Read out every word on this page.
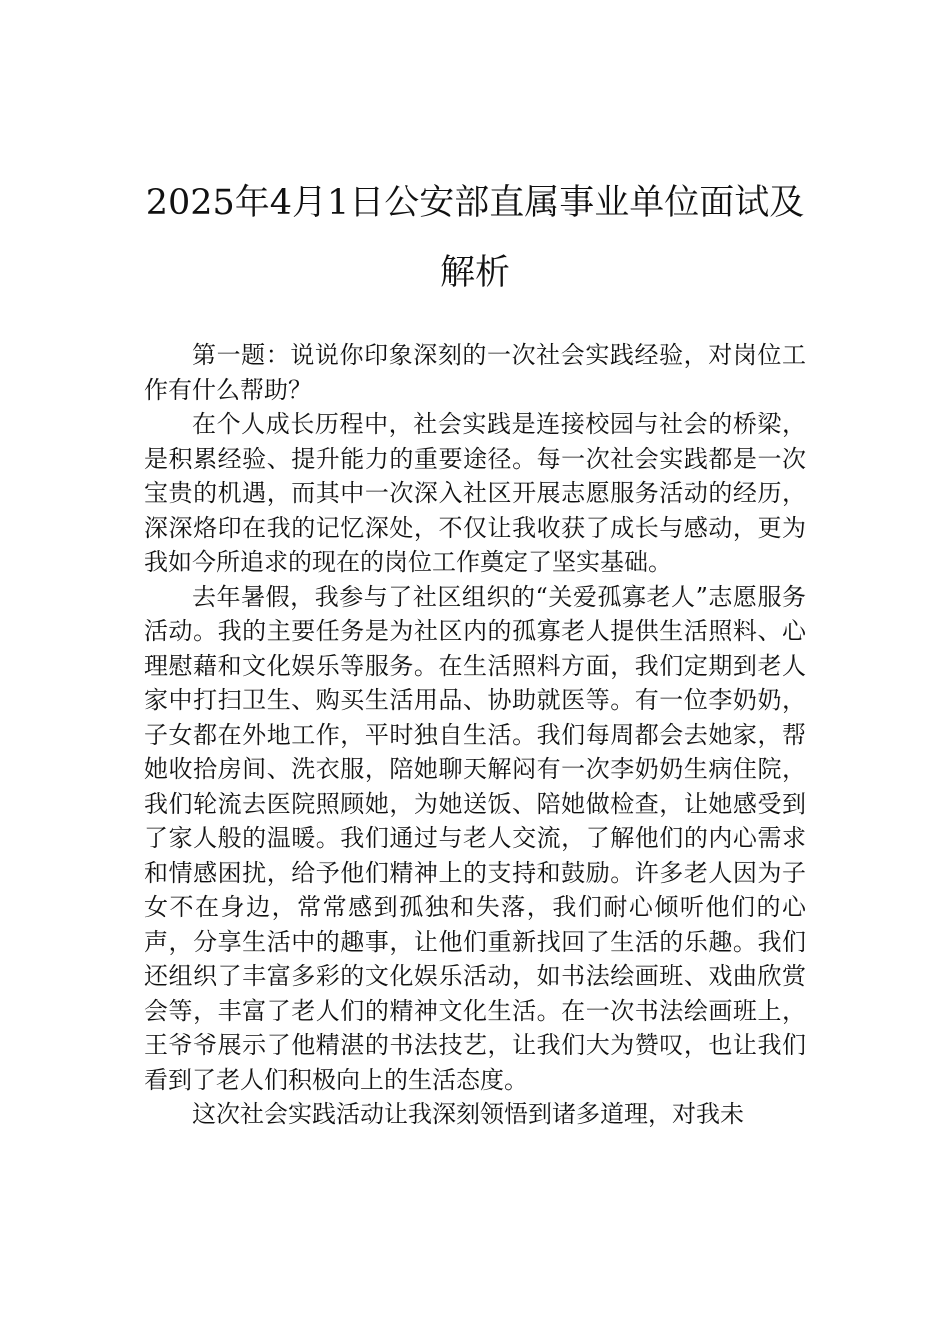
2025年4月1日公安部直属事业单位面试及解析

第一题：说说你印象深刻的一次社会实践经验，对岗位工作有什么帮助？

在个人成长历程中，社会实践是连接校园与社会的桥梁，是积累经验、提升能力的重要途径。每一次社会实践都是一次宝贵的机遇，而其中一次深入社区开展志愿服务活动的经历，深深烙印在我的记忆深处，不仅让我收获了成长与感动，更为我如今所追求的现在的岗位工作奠定了坚实基础。

去年暑假，我参与了社区组织的“关爱孤寡老人”志愿服务活动。我的主要任务是为社区内的孤寡老人提供生活照料、心理慰藉和文化娱乐等服务。在生活照料方面，我们定期到老人家中打扫卫生、购买生活用品、协助就医等。有一位李奶奶，子女都在外地工作，平时独自生活。我们每周都会去她家，帮她收拾房间、洗衣服，陪她聊天解闷有一次李奶奶生病住院，我们轮流去医院照顾她，为她送饭、陪她做检查，让她感受到了家人般的温暖。我们通过与老人交流，了解他们的内心需求和情感困扰，给予他们精神上的支持和鼓励。许多老人因为子女不在身边，常常感到孤独和失落，我们耐心倾听他们的心声，分享生活中的趣事，让他们重新找回了生活的乐趣。我们还组织了丰富多彩的文化娱乐活动，如书法绘画班、戏曲欣赏会等，丰富了老人们的精神文化生活。在一次书法绘画班上，王爷爷展示了他精湛的书法技艺，让我们大为赞叹，也让我们看到了老人们积极向上的生活态度。

这次社会实践活动让我深刻领悟到诸多道理，对我未
